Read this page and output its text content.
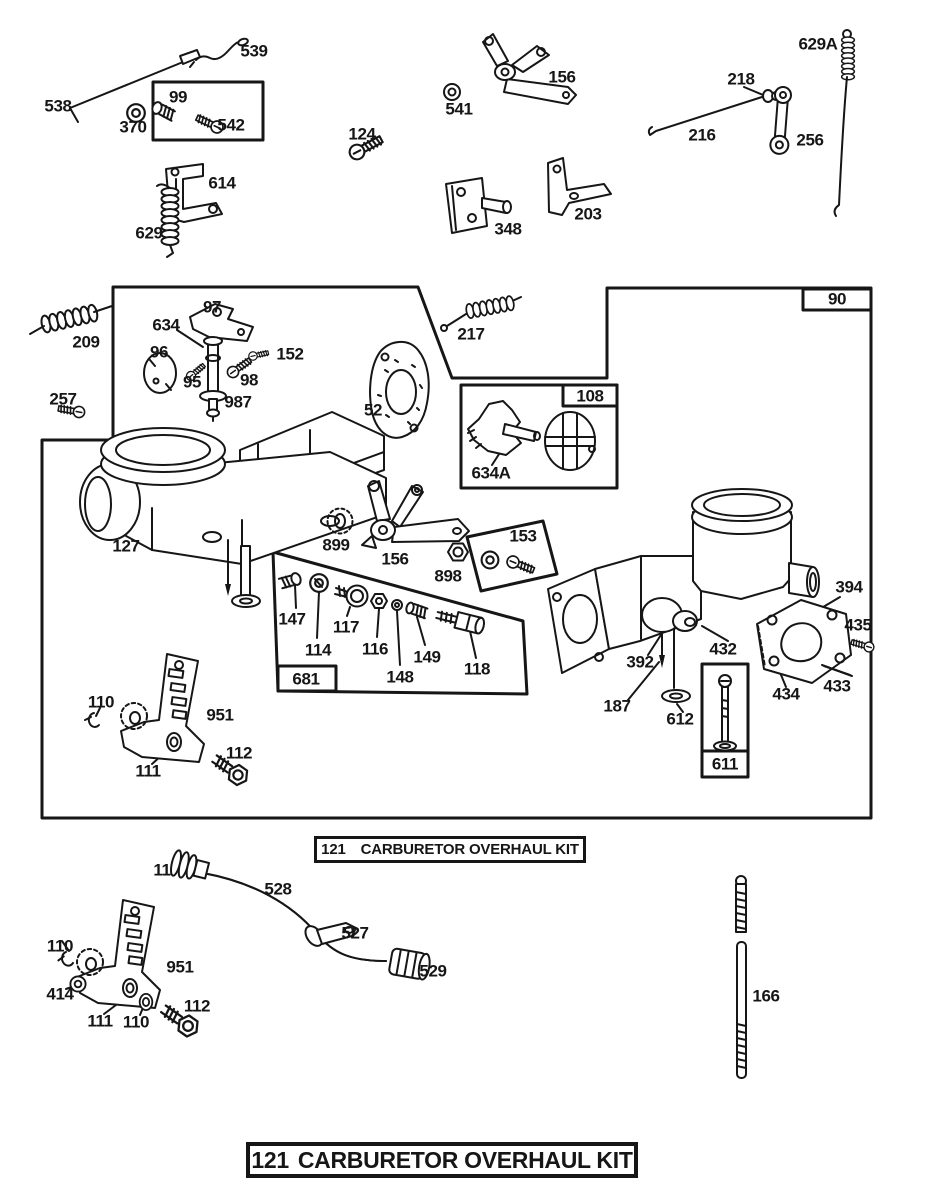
90
108
153
681
611
539
538
370
99
542	124
541
156
614
629	348
203
218
216	256
629A
209
257
97
634
96
95
152
98
987	52
217
634A
127	899
156
898
147 117
114 116 149
148	118
110
951
111
112
394
435
432
392
433
434
187
612
11
528
527
529
110
951
414
111 110
112
166
121 CARBURETOR OVERHAUL KIT
121 CARBURETOR OVERHAUL KIT
